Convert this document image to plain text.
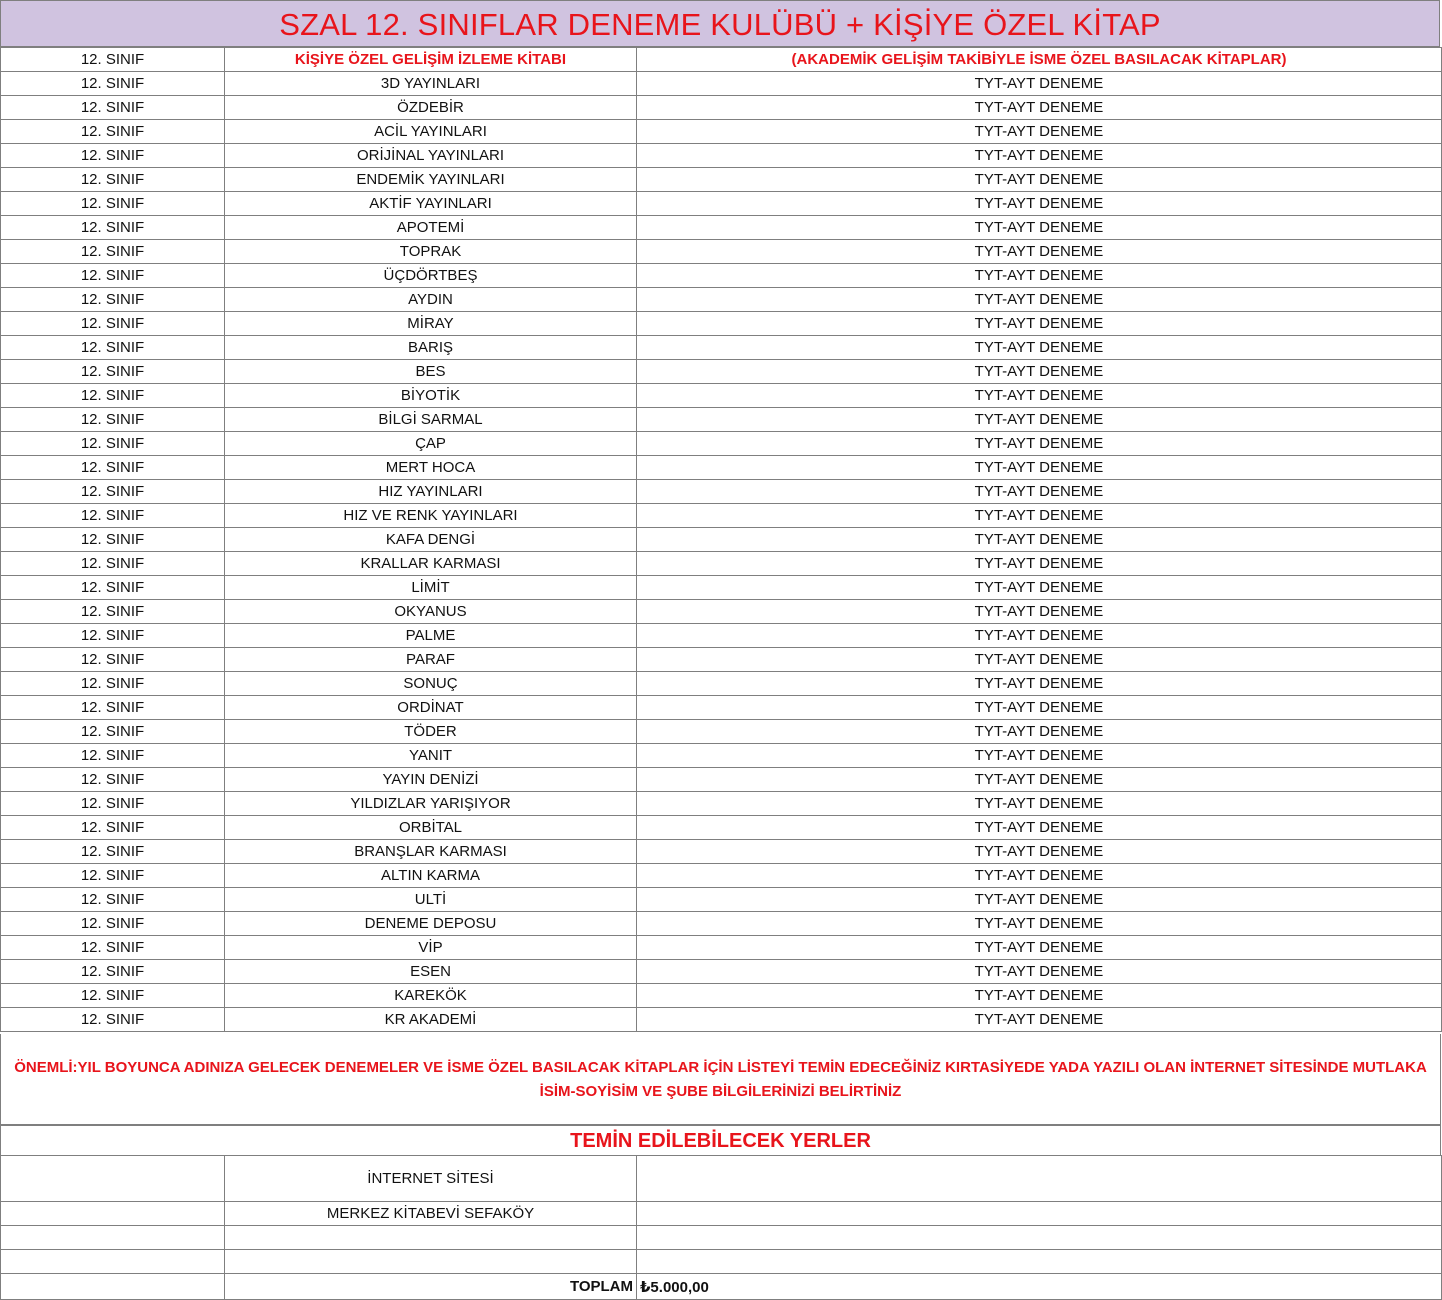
SZAL 12. SINIFLAR DENEME KULÜBÜ + KİŞİYE ÖZEL KİTAP
12. SINIF	KİŞİYE ÖZEL GELİŞİM İZLEME KİTABI	(AKADEMİK GELİŞİM TAKİBİYLE İSME ÖZEL BASILACAK KİTAPLAR)
12. SINIF	3D YAYINLARI	TYT-AYT DENEME
12. SINIF	ÖZDEBİR	TYT-AYT DENEME
12. SINIF	ACİL YAYINLARI	TYT-AYT DENEME
12. SINIF	ORİJİNAL YAYINLARI	TYT-AYT DENEME
12. SINIF	ENDEMİK YAYINLARI	TYT-AYT DENEME
12. SINIF	AKTİF YAYINLARI	TYT-AYT DENEME
12. SINIF	APOTEMİ	TYT-AYT DENEME
12. SINIF	TOPRAK	TYT-AYT DENEME
12. SINIF	ÜÇDÖRTBEŞ	TYT-AYT DENEME
12. SINIF	AYDIN	TYT-AYT DENEME
12. SINIF	MİRAY	TYT-AYT DENEME
12. SINIF	BARIŞ	TYT-AYT DENEME
12. SINIF	BES	TYT-AYT DENEME
12. SINIF	BİYOTİK	TYT-AYT DENEME
12. SINIF	BİLGİ SARMAL	TYT-AYT DENEME
12. SINIF	ÇAP	TYT-AYT DENEME
12. SINIF	MERT HOCA	TYT-AYT DENEME
12. SINIF	HIZ YAYINLARI	TYT-AYT DENEME
12. SINIF	HIZ VE RENK YAYINLARI	TYT-AYT DENEME
12. SINIF	KAFA DENGİ	TYT-AYT DENEME
12. SINIF	KRALLAR KARMASI	TYT-AYT DENEME
12. SINIF	LİMİT	TYT-AYT DENEME
12. SINIF	OKYANUS	TYT-AYT DENEME
12. SINIF	PALME	TYT-AYT DENEME
12. SINIF	PARAF	TYT-AYT DENEME
12. SINIF	SONUÇ	TYT-AYT DENEME
12. SINIF	ORDİNAT	TYT-AYT DENEME
12. SINIF	TÖDER	TYT-AYT DENEME
12. SINIF	YANIT	TYT-AYT DENEME
12. SINIF	YAYIN DENİZİ	TYT-AYT DENEME
12. SINIF	YILDIZLAR YARIŞIYOR	TYT-AYT DENEME
12. SINIF	ORBİTAL	TYT-AYT DENEME
12. SINIF	BRANŞLAR KARMASI	TYT-AYT DENEME
12. SINIF	ALTIN KARMA	TYT-AYT DENEME
12. SINIF	ULTİ	TYT-AYT DENEME
12. SINIF	DENEME DEPOSU	TYT-AYT DENEME
12. SINIF	VİP	TYT-AYT DENEME
12. SINIF	ESEN	TYT-AYT DENEME
12. SINIF	KAREKÖK	TYT-AYT DENEME
12. SINIF	KR AKADEMİ	TYT-AYT DENEME
ÖNEMLİ:YIL BOYUNCA ADINIZA GELECEK DENEMELER VE İSME ÖZEL BASILACAK KİTAPLAR İÇİN LİSTEYİ TEMİN EDECEĞİNİZ KIRTASİYEDE YADA YAZILI OLAN İNTERNET SİTESİNDE MUTLAKA
İSİM-SOYİSİM VE ŞUBE BİLGİLERİNİZİ BELİRTİNİZ
TEMİN EDİLEBİLECEK YERLER
	İNTERNET SİTESİ	
	MERKEZ KİTABEVİ SEFAKÖY	

	TOPLAM	₺5.000,00
